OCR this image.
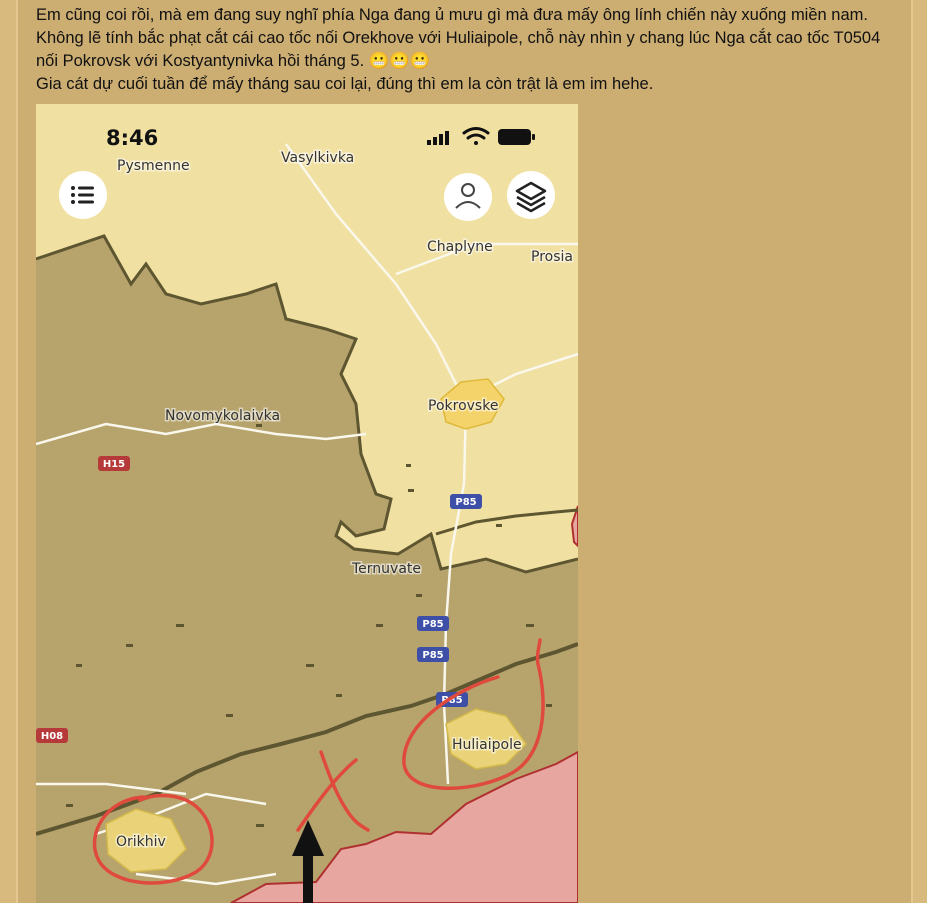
Em cũng coi rồi, mà em đang suy nghĩ phía Nga đang ủ mưu gì mà đưa mấy ông lính chiến này xuống miền nam. Không lẽ tính bắc phạt cắt cái cao tốc nối Orekhove với Huliaipole, chỗ này nhìn y chang lúc Nga cắt cao tốc T0504 nối Pokrovsk với Kostyantynivka hồi tháng 5. 😬😬😬

Gia cát dự cuối tuần để mấy tháng sau coi lại, đúng thì em la còn trật là em im hehe.

H15
H08
P85
P85
P85
P85
Pysmenne	Vasylkivka
Chaplyne
Prosia
Pokrovske
Novomykolaivka
Ternuvate
Huliaipole
Orikhiv
8:46
